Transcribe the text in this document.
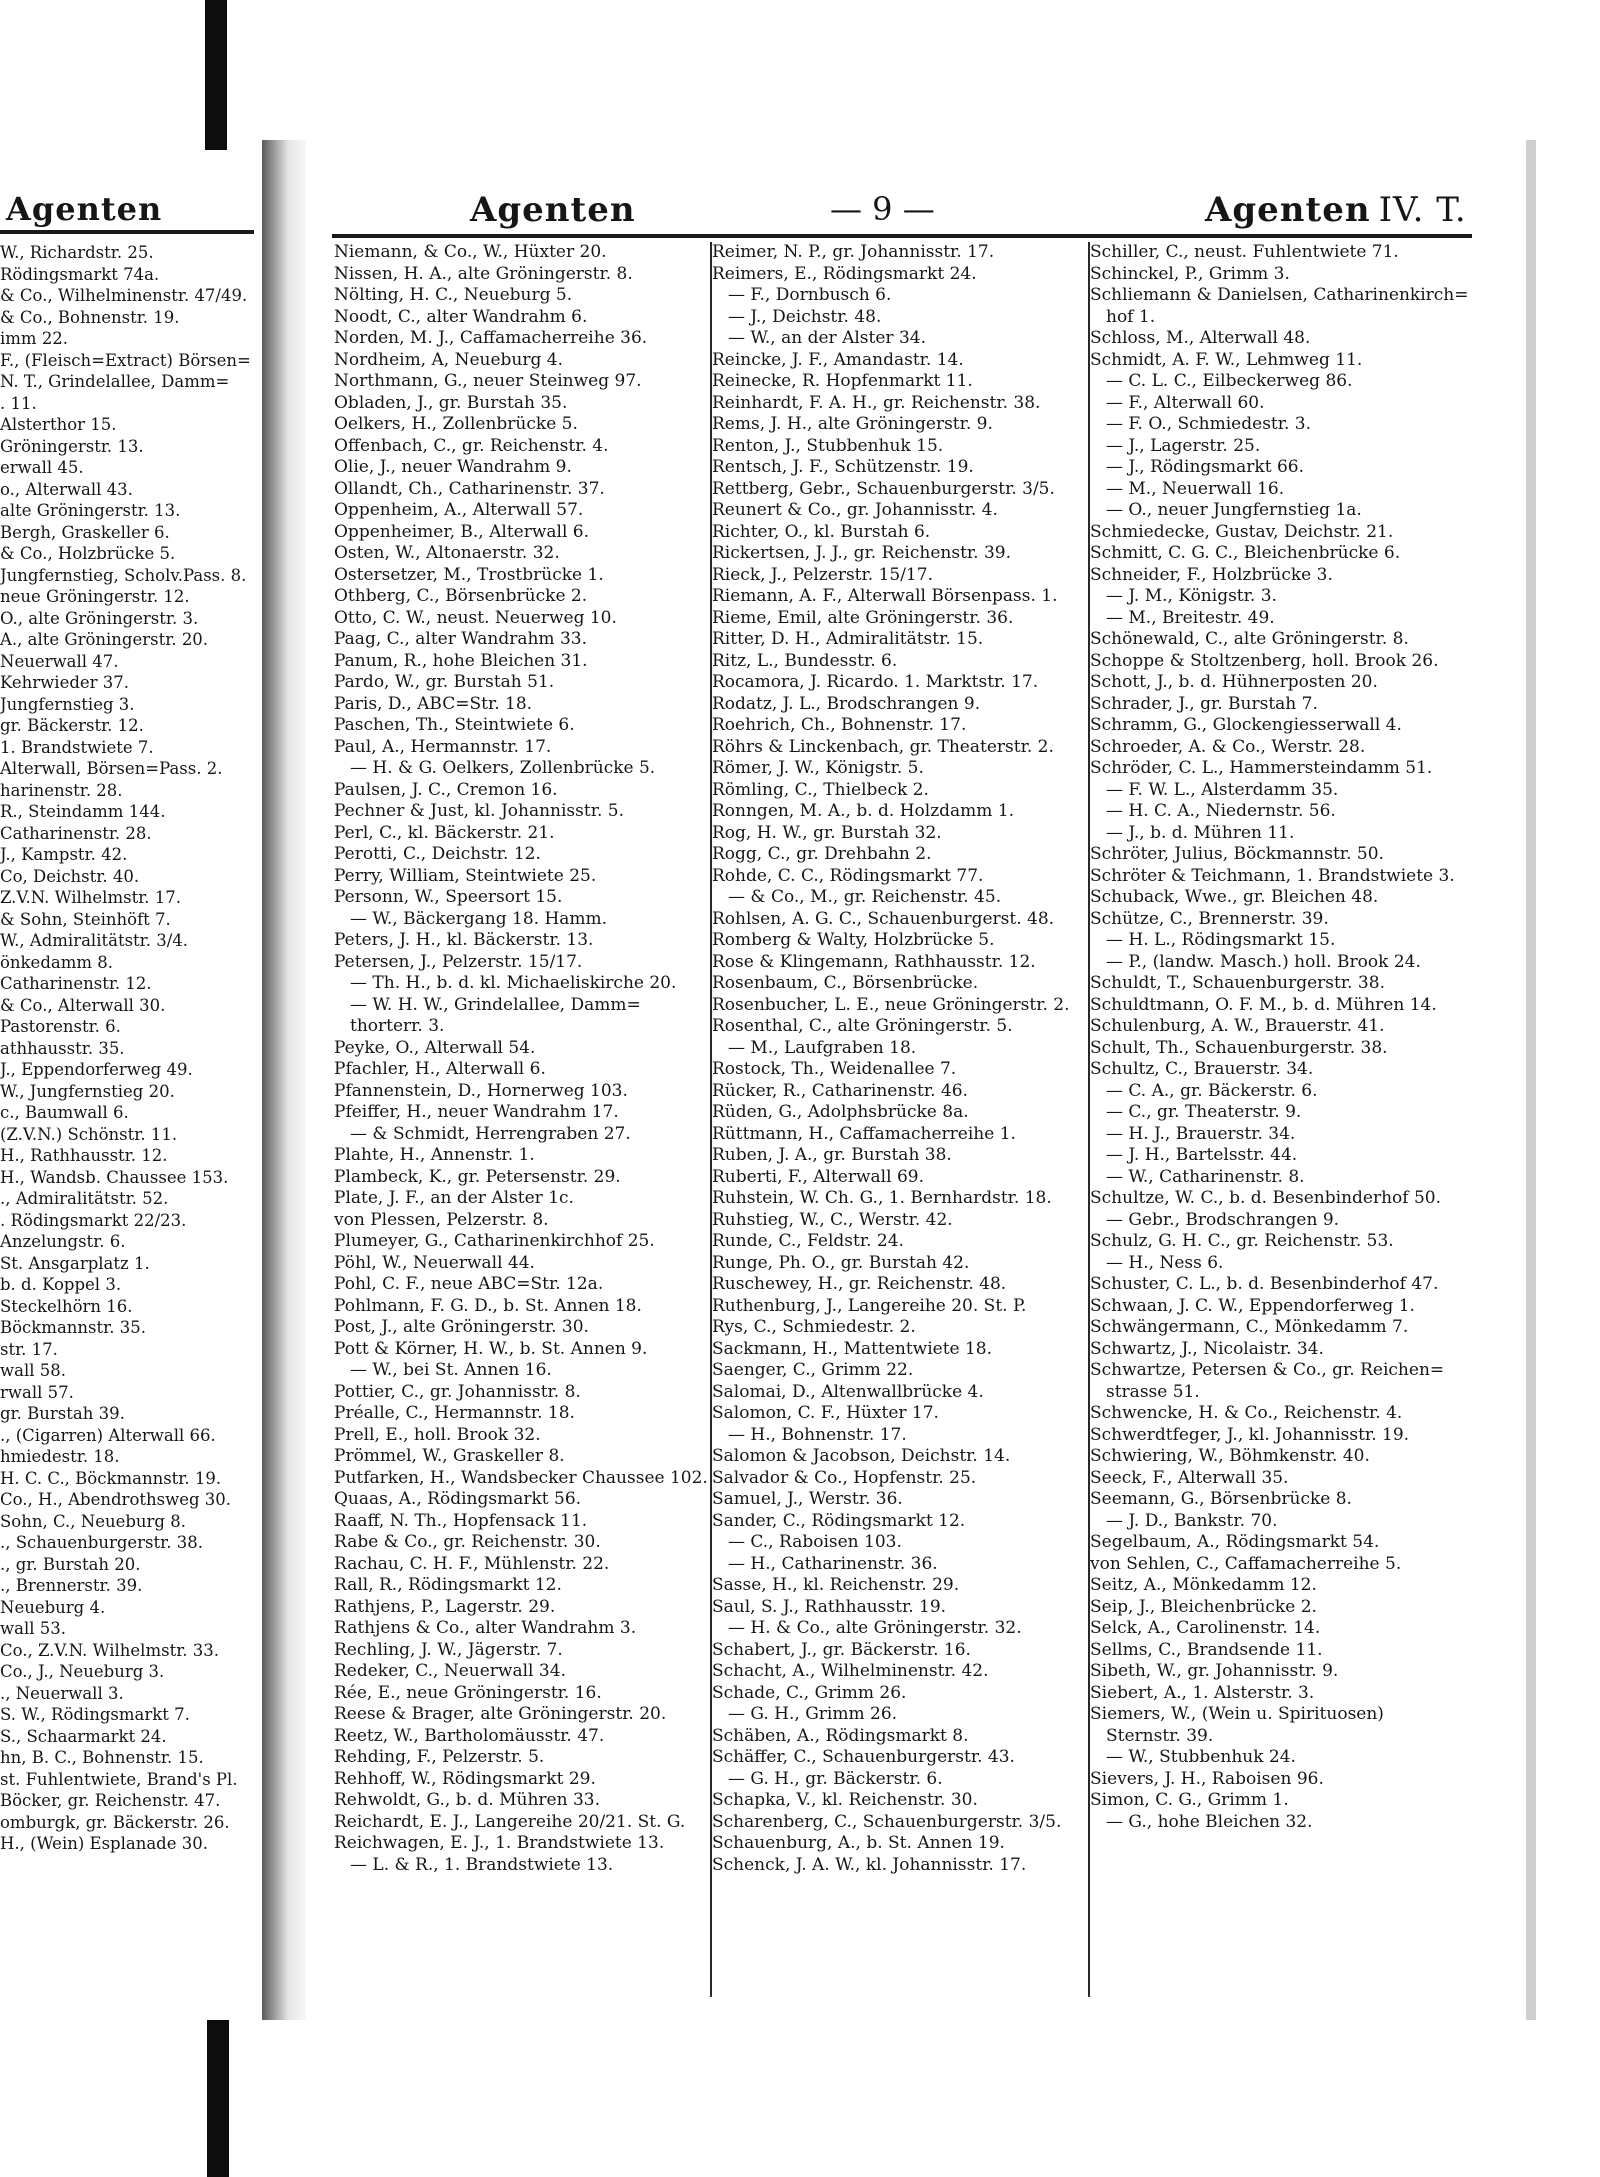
Agenten
W., Richardstr. 25.
Rödingsmarkt 74a.
& Co., Wilhelminenstr. 47/49.
& Co., Bohnenstr. 19.
imm 22.
F., (Fleisch=Extract) Börsen=
N. T., Grindelallee, Damm=
. 11.
Alsterthor 15.
Gröningerstr. 13.
erwall 45.
o., Alterwall 43.
alte Gröningerstr. 13.
Bergh, Graskeller 6.
& Co., Holzbrücke 5.
Jungfernstieg, Scholv.Pass. 8.
neue Gröningerstr. 12.
O., alte Gröningerstr. 3.
A., alte Gröningerstr. 20.
Neuerwall 47.
Kehrwieder 37.
Jungfernstieg 3.
gr. Bäckerstr. 12.
1. Brandstwiete 7.
Alterwall, Börsen=Pass. 2.
harinenstr. 28.
R., Steindamm 144.
Catharinenstr. 28.
J., Kampstr. 42.
Co, Deichstr. 40.
Z.V.N. Wilhelmstr. 17.
& Sohn, Steinhöft 7.
W., Admiralitätstr. 3/4.
önkedamm 8.
Catharinenstr. 12.
& Co., Alterwall 30.
Pastorenstr. 6.
athhausstr. 35.
J., Eppendorferweg 49.
W., Jungfernstieg 20.
c., Baumwall 6.
(Z.V.N.) Schönstr. 11.
H., Rathhausstr. 12.
H., Wandsb. Chaussee 153.
., Admiralitätstr. 52.
. Rödingsmarkt 22/23.
Anzelungstr. 6.
St. Ansgarplatz 1.
b. d. Koppel 3.
Steckelhörn 16.
Böckmannstr. 35.
str. 17.
wall 58.
rwall 57.
gr. Burstah 39.
., (Cigarren) Alterwall 66.
hmiedestr. 18.
H. C. C., Böckmannstr. 19.
Co., H., Abendrothsweg 30.
Sohn, C., Neueburg 8.
., Schauenburgerstr. 38.
., gr. Burstah 20.
., Brennerstr. 39.
Neueburg 4.
wall 53.
Co., Z.V.N. Wilhelmstr. 33.
Co., J., Neueburg 3.
., Neuerwall 3.
S. W., Rödingsmarkt 7.
S., Schaarmarkt 24.
hn, B. C., Bohnenstr. 15.
st. Fuhlentwiete, Brand's Pl.
Böcker, gr. Reichenstr. 47.
omburgk, gr. Bäckerstr. 26.
H., (Wein) Esplanade 30.
Agenten	— 9 —	Agenten IV. T.
Niemann, & Co., W., Hüxter 20.
Nissen, H. A., alte Gröningerstr. 8.
Nölting, H. C., Neueburg 5.
Noodt, C., alter Wandrahm 6.
Norden, M. J., Caffamacherreihe 36.
Nordheim, A, Neueburg 4.
Northmann, G., neuer Steinweg 97.
Obladen, J., gr. Burstah 35.
Oelkers, H., Zollenbrücke 5.
Offenbach, C., gr. Reichenstr. 4.
Olie, J., neuer Wandrahm 9.
Ollandt, Ch., Catharinenstr. 37.
Oppenheim, A., Alterwall 57.
Oppenheimer, B., Alterwall 6.
Osten, W., Altonaerstr. 32.
Ostersetzer, M., Trostbrücke 1.
Othberg, C., Börsenbrücke 2.
Otto, C. W., neust. Neuerweg 10.
Paag, C., alter Wandrahm 33.
Panum, R., hohe Bleichen 31.
Pardo, W., gr. Burstah 51.
Paris, D., ABC=Str. 18.
Paschen, Th., Steintwiete 6.
Paul, A., Hermannstr. 17.
— H. & G. Oelkers, Zollenbrücke 5.
Paulsen, J. C., Cremon 16.
Pechner & Just, kl. Johannisstr. 5.
Perl, C., kl. Bäckerstr. 21.
Perotti, C., Deichstr. 12.
Perry, William, Steintwiete 25.
Personn, W., Speersort 15.
— W., Bäckergang 18. Hamm.
Peters, J. H., kl. Bäckerstr. 13.
Petersen, J., Pelzerstr. 15/17.
— Th. H., b. d. kl. Michaeliskirche 20.
— W. H. W., Grindelallee, Damm=
thorterr. 3.
Peyke, O., Alterwall 54.
Pfachler, H., Alterwall 6.
Pfannenstein, D., Hornerweg 103.
Pfeiffer, H., neuer Wandrahm 17.
— & Schmidt, Herrengraben 27.
Plahte, H., Annenstr. 1.
Plambeck, K., gr. Petersenstr. 29.
Plate, J. F., an der Alster 1c.
von Plessen, Pelzerstr. 8.
Plumeyer, G., Catharinenkirchhof 25.
Pöhl, W., Neuerwall 44.
Pohl, C. F., neue ABC=Str. 12a.
Pohlmann, F. G. D., b. St. Annen 18.
Post, J., alte Gröningerstr. 30.
Pott & Körner, H. W., b. St. Annen 9.
— W., bei St. Annen 16.
Pottier, C., gr. Johannisstr. 8.
Préalle, C., Hermannstr. 18.
Prell, E., holl. Brook 32.
Prömmel, W., Graskeller 8.
Putfarken, H., Wandsbecker Chaussee 102.
Quaas, A., Rödingsmarkt 56.
Raaff, N. Th., Hopfensack 11.
Rabe & Co., gr. Reichenstr. 30.
Rachau, C. H. F., Mühlenstr. 22.
Rall, R., Rödingsmarkt 12.
Rathjens, P., Lagerstr. 29.
Rathjens & Co., alter Wandrahm 3.
Rechling, J. W., Jägerstr. 7.
Redeker, C., Neuerwall 34.
Rée, E., neue Gröningerstr. 16.
Reese & Brager, alte Gröningerstr. 20.
Reetz, W., Bartholomäusstr. 47.
Rehding, F., Pelzerstr. 5.
Rehhoff, W., Rödingsmarkt 29.
Rehwoldt, G., b. d. Mühren 33.
Reichardt, E. J., Langereihe 20/21. St. G.
Reichwagen, E. J., 1. Brandstwiete 13.
— L. & R., 1. Brandstwiete 13.
Reimer, N. P., gr. Johannisstr. 17.
Reimers, E., Rödingsmarkt 24.
— F., Dornbusch 6.
— J., Deichstr. 48.
— W., an der Alster 34.
Reincke, J. F., Amandastr. 14.
Reinecke, R. Hopfenmarkt 11.
Reinhardt, F. A. H., gr. Reichenstr. 38.
Rems, J. H., alte Gröningerstr. 9.
Renton, J., Stubbenhuk 15.
Rentsch, J. F., Schützenstr. 19.
Rettberg, Gebr., Schauenburgerstr. 3/5.
Reunert & Co., gr. Johannisstr. 4.
Richter, O., kl. Burstah 6.
Rickertsen, J. J., gr. Reichenstr. 39.
Rieck, J., Pelzerstr. 15/17.
Riemann, A. F., Alterwall Börsenpass. 1.
Rieme, Emil, alte Gröningerstr. 36.
Ritter, D. H., Admiralitätstr. 15.
Ritz, L., Bundesstr. 6.
Rocamora, J. Ricardo. 1. Marktstr. 17.
Rodatz, J. L., Brodschrangen 9.
Roehrich, Ch., Bohnenstr. 17.
Röhrs & Linckenbach, gr. Theaterstr. 2.
Römer, J. W., Königstr. 5.
Römling, C., Thielbeck 2.
Ronngen, M. A., b. d. Holzdamm 1.
Rog, H. W., gr. Burstah 32.
Rogg, C., gr. Drehbahn 2.
Rohde, C. C., Rödingsmarkt 77.
— & Co., M., gr. Reichenstr. 45.
Rohlsen, A. G. C., Schauenburgerst. 48.
Romberg & Walty, Holzbrücke 5.
Rose & Klingemann, Rathhausstr. 12.
Rosenbaum, C., Börsenbrücke.
Rosenbucher, L. E., neue Gröningerstr. 2.
Rosenthal, C., alte Gröningerstr. 5.
— M., Laufgraben 18.
Rostock, Th., Weidenallee 7.
Rücker, R., Catharinenstr. 46.
Rüden, G., Adolphsbrücke 8a.
Rüttmann, H., Caffamacherreihe 1.
Ruben, J. A., gr. Burstah 38.
Ruberti, F., Alterwall 69.
Ruhstein, W. Ch. G., 1. Bernhardstr. 18.
Ruhstieg, W., C., Werstr. 42.
Runde, C., Feldstr. 24.
Runge, Ph. O., gr. Burstah 42.
Ruschewey, H., gr. Reichenstr. 48.
Ruthenburg, J., Langereihe 20. St. P.
Rys, C., Schmiedestr. 2.
Sackmann, H., Mattentwiete 18.
Saenger, C., Grimm 22.
Salomai, D., Altenwallbrücke 4.
Salomon, C. F., Hüxter 17.
— H., Bohnenstr. 17.
Salomon & Jacobson, Deichstr. 14.
Salvador & Co., Hopfenstr. 25.
Samuel, J., Werstr. 36.
Sander, C., Rödingsmarkt 12.
— C., Raboisen 103.
— H., Catharinenstr. 36.
Sasse, H., kl. Reichenstr. 29.
Saul, S. J., Rathhausstr. 19.
— H. & Co., alte Gröningerstr. 32.
Schabert, J., gr. Bäckerstr. 16.
Schacht, A., Wilhelminenstr. 42.
Schade, C., Grimm 26.
— G. H., Grimm 26.
Schäben, A., Rödingsmarkt 8.
Schäffer, C., Schauenburgerstr. 43.
— G. H., gr. Bäckerstr. 6.
Schapka, V., kl. Reichenstr. 30.
Scharenberg, C., Schauenburgerstr. 3/5.
Schauenburg, A., b. St. Annen 19.
Schenck, J. A. W., kl. Johannisstr. 17.
Schiller, C., neust. Fuhlentwiete 71.
Schinckel, P., Grimm 3.
Schliemann & Danielsen, Catharinenkirch=
hof 1.
Schloss, M., Alterwall 48.
Schmidt, A. F. W., Lehmweg 11.
— C. L. C., Eilbeckerweg 86.
— F., Alterwall 60.
— F. O., Schmiedestr. 3.
— J., Lagerstr. 25.
— J., Rödingsmarkt 66.
— M., Neuerwall 16.
— O., neuer Jungfernstieg 1a.
Schmiedecke, Gustav, Deichstr. 21.
Schmitt, C. G. C., Bleichenbrücke 6.
Schneider, F., Holzbrücke 3.
— J. M., Königstr. 3.
— M., Breitestr. 49.
Schönewald, C., alte Gröningerstr. 8.
Schoppe & Stoltzenberg, holl. Brook 26.
Schott, J., b. d. Hühnerposten 20.
Schrader, J., gr. Burstah 7.
Schramm, G., Glockengiesserwall 4.
Schroeder, A. & Co., Werstr. 28.
Schröder, C. L., Hammersteindamm 51.
— F. W. L., Alsterdamm 35.
— H. C. A., Niedernstr. 56.
— J., b. d. Mühren 11.
Schröter, Julius, Böckmannstr. 50.
Schröter & Teichmann, 1. Brandstwiete 3.
Schuback, Wwe., gr. Bleichen 48.
Schütze, C., Brennerstr. 39.
— H. L., Rödingsmarkt 15.
— P., (landw. Masch.) holl. Brook 24.
Schuldt, T., Schauenburgerstr. 38.
Schuldtmann, O. F. M., b. d. Mühren 14.
Schulenburg, A. W., Brauerstr. 41.
Schult, Th., Schauenburgerstr. 38.
Schultz, C., Brauerstr. 34.
— C. A., gr. Bäckerstr. 6.
— C., gr. Theaterstr. 9.
— H. J., Brauerstr. 34.
— J. H., Bartelsstr. 44.
— W., Catharinenstr. 8.
Schultze, W. C., b. d. Besenbinderhof 50.
— Gebr., Brodschrangen 9.
Schulz, G. H. C., gr. Reichenstr. 53.
— H., Ness 6.
Schuster, C. L., b. d. Besenbinderhof 47.
Schwaan, J. C. W., Eppendorferweg 1.
Schwängermann, C., Mönkedamm 7.
Schwartz, J., Nicolaistr. 34.
Schwartze, Petersen & Co., gr. Reichen=
strasse 51.
Schwencke, H. & Co., Reichenstr. 4.
Schwerdtfeger, J., kl. Johannisstr. 19.
Schwiering, W., Böhmkenstr. 40.
Seeck, F., Alterwall 35.
Seemann, G., Börsenbrücke 8.
— J. D., Bankstr. 70.
Segelbaum, A., Rödingsmarkt 54.
von Sehlen, C., Caffamacherreihe 5.
Seitz, A., Mönkedamm 12.
Seip, J., Bleichenbrücke 2.
Selck, A., Carolinenstr. 14.
Sellms, C., Brandsende 11.
Sibeth, W., gr. Johannisstr. 9.
Siebert, A., 1. Alsterstr. 3.
Siemers, W., (Wein u. Spirituosen)
Sternstr. 39.
— W., Stubbenhuk 24.
Sievers, J. H., Raboisen 96.
Simon, C. G., Grimm 1.
— G., hohe Bleichen 32.
